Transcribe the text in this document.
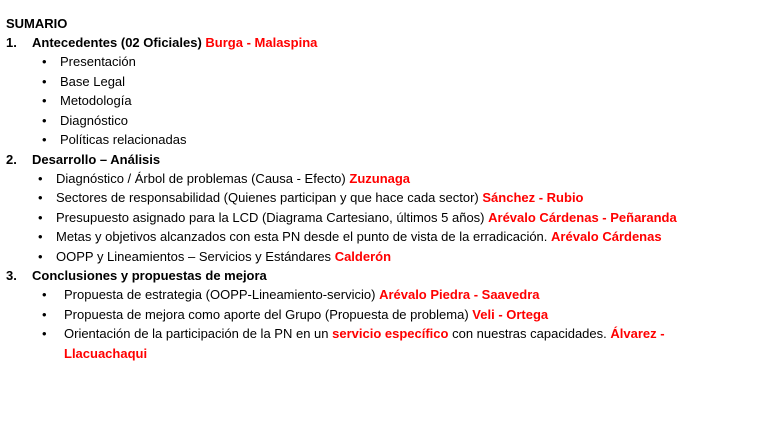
SUMARIO
1.	Antecedentes (02 Oficiales)
Burga - Malaspina
•	Presentación
•	Base Legal
•	Metodología
•	Diagnóstico
•	Políticas relacionadas
2.	Desarrollo – Análisis
•	Diagnóstico / Árbol de problemas (Causa - Efecto) Zuzunaga
•	Sectores de responsabilidad (Quienes participan y que hace cada sector) Sánchez - Rubio
•	Presupuesto asignado para la LCD (Diagrama Cartesiano, últimos 5 años) Arévalo Cárdenas - Peñaranda
•	Metas y objetivos alcanzados con esta PN desde el punto de vista de la erradicación. Arévalo Cárdenas
•	OOPP y Lineamientos – Servicios y Estándares Calderón
3.	Conclusiones y propuestas de mejora
•	Propuesta de estrategia (OOPP-Lineamiento-servicio) Arévalo Piedra - Saavedra
•	Propuesta de mejora como aporte del Grupo (Propuesta de problema) Veli - Ortega
•	Orientación de la participación de la PN en un servicio específico con nuestras capacidades. Álvarez - Llacuachaqui
